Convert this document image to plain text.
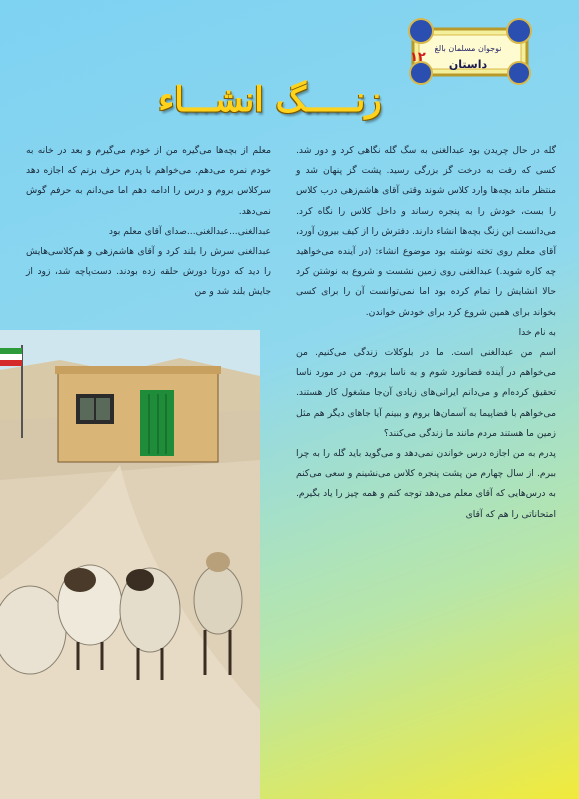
نوجوان مسلمان بالغ
داستان
۱۲
زنـــــگ انشـــاء

گله در حال چریدن بود عبدالغنی به سگ گله نگاهی کرد و دور شد. کسی که رفت به درخت گز بزرگی رسید. پشت گز پنهان شد و منتظر ماند بچه‌ها وارد کلاس شوند وقتی آقای هاشم‌زهی درب کلاس را بست، خودش را به پنجره رساند و داخل کلاس را نگاه کرد. می‌دانست این زنگ بچه‌ها انشاء دارند. دفترش را از کیف بیرون آورد، آقای معلم روی تخته نوشته بود موضوع انشاء: (در آینده می‌خواهید چه کاره شوید.) عبدالغنی روی زمین نشست و شروع به نوشتن کرد حالا انشایش را تمام کرده بود اما نمی‌توانست آن را برای کسی بخواند برای همین شروع کرد برای خودش خواندن.

به نام خدا

اسم من عبدالغنی است. ما در بلوکلات زندگی می‌کنیم. من می‌خواهم در آینده فضانورد شوم و به ناسا بروم. من در مورد ناسا تحقیق کرده‌ام و می‌دانم ایرانی‌های زیادی آن‌جا مشغول کار هستند. می‌خواهم با فضاپیما به آسمان‌ها بروم و ببینم آیا جاهای دیگر هم مثل زمین ما هستند مردم مانند ما زندگی می‌کنند؟

پدرم به من اجازه درس خواندن نمی‌دهد و می‌گوید باید گله را به چرا ببرم. از سال چهارم من پشت پنجره کلاس می‌نشینم و سعی می‌کنم به درس‌هایی که آقای معلم می‌دهد توجه کنم و همه چیز را یاد بگیرم. امتحاناتی را هم که آقای

معلم از بچه‌ها می‌گیره من از خودم می‌گیرم و بعد در خانه به خودم نمره می‌دهم. می‌خواهم با پدرم حرف بزنم که اجازه دهد سرکلاس بروم و درس را ادامه دهم اما می‌دانم به حرفم گوش نمی‌دهد.

عبدالغنی...عبدالغنی...صدای آقای معلم بود

عبدالغنی سرش را بلند کرد و آقای هاشم‌زهی و هم‌کلاسی‌هایش را دید که دورتا دورش حلقه زده بودند. دست‌پاچه شد، زود از جایش بلند شد و من
